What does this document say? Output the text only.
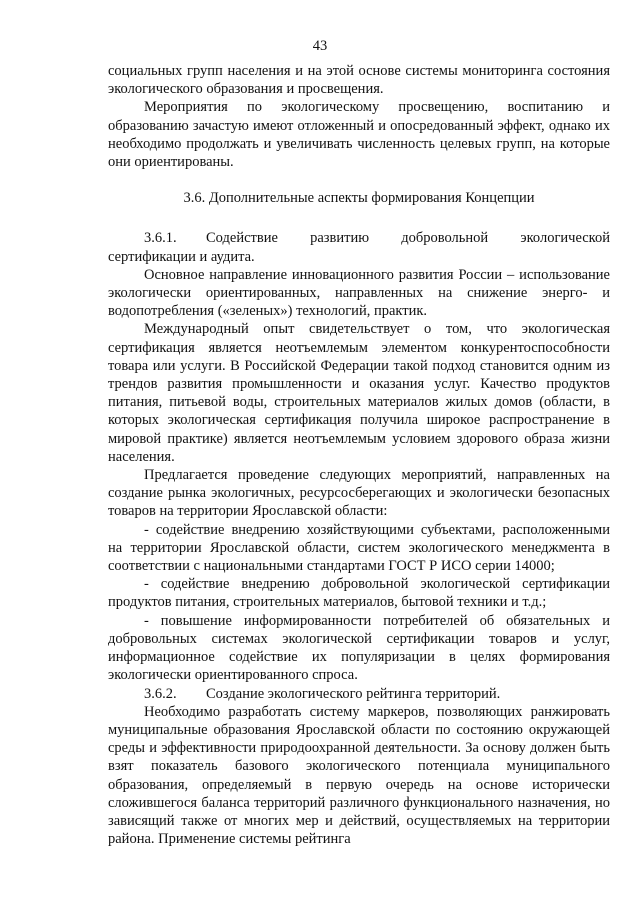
43

социальных групп населения и на этой основе системы мониторинга состояния экологического образования и просвещения.

Мероприятия по экологическому просвещению, воспитанию и образованию зачастую имеют отложенный и опосредованный эффект, однако их необходимо продолжать и увеличивать численность целевых групп, на которые они ориентированы.

3.6. Дополнительные аспекты формирования Концепции

3.6.1. Содействие развитию добровольной экологической сертификации и аудита.

Основное направление инновационного развития России – использование экологически ориентированных, направленных на снижение энерго- и водопотребления («зеленых») технологий, практик.

Международный опыт свидетельствует о том, что экологическая сертификация является неотъемлемым элементом конкурентоспособности товара или услуги. В Российской Федерации такой подход становится одним из трендов развития промышленности и оказания услуг. Качество продуктов питания, питьевой воды, строительных материалов жилых домов (области, в которых экологическая сертификация получила широкое распространение в мировой практике) является неотъемлемым условием здорового образа жизни населения.

Предлагается проведение следующих мероприятий, направленных на создание рынка экологичных, ресурсосберегающих и экологически безопасных товаров на территории Ярославской области:

- содействие внедрению хозяйствующими субъектами, расположенными на территории Ярославской области, систем экологического менеджмента в соответствии с национальными стандартами ГОСТ Р ИСО серии 14000;

- содействие внедрению добровольной экологической сертификации продуктов питания, строительных материалов, бытовой техники и т.д.;

- повышение информированности потребителей об обязательных и добровольных системах экологической сертификации товаров и услуг, информационное содействие их популяризации в целях формирования экологически ориентированного спроса.

3.6.2. Создание экологического рейтинга территорий.

Необходимо разработать систему маркеров, позволяющих ранжировать муниципальные образования Ярославской области по состоянию окружающей среды и эффективности природоохранной деятельности. За основу должен быть взят показатель базового экологического потенциала муниципального образования, определяемый в первую очередь на основе исторически сложившегося баланса территорий различного функционального назначения, но зависящий также от многих мер и действий, осуществляемых на территории района. Применение системы рейтинга
